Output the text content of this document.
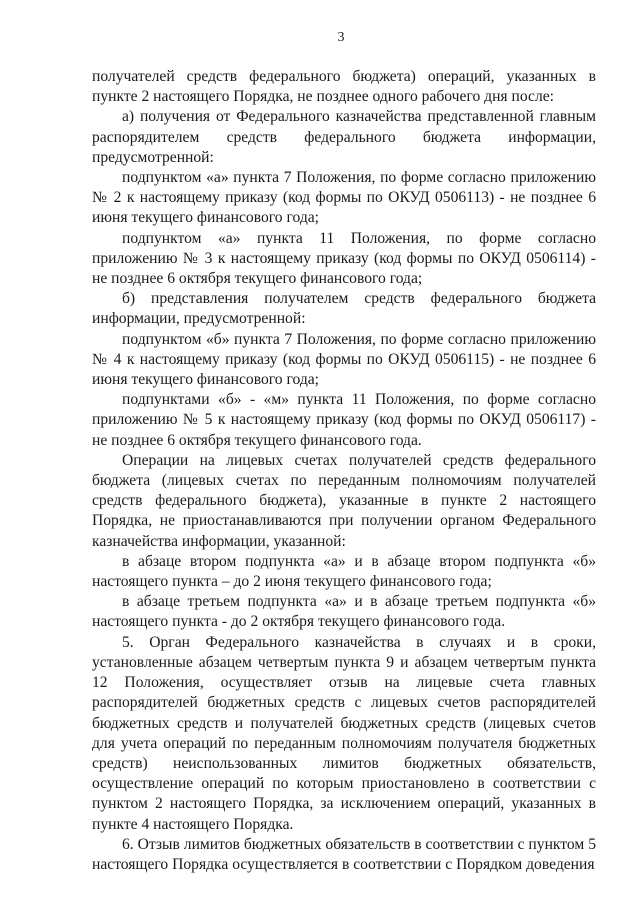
3

получателей средств федерального бюджета) операций, указанных в пункте 2 настоящего Порядка, не позднее одного рабочего дня после:

а) получения от Федерального казначейства представленной главным распорядителем средств федерального бюджета информации, предусмотренной:

подпунктом «а» пункта 7 Положения, по форме согласно приложению № 2 к настоящему приказу (код формы по ОКУД 0506113) - не позднее 6 июня текущего финансового года;

подпунктом «а» пункта 11 Положения, по форме согласно приложению № 3 к настоящему приказу (код формы по ОКУД 0506114) - не позднее 6 октября текущего финансового года;

б) представления получателем средств федерального бюджета информации, предусмотренной:

подпунктом «б» пункта 7 Положения, по форме согласно приложению № 4 к настоящему приказу (код формы по ОКУД 0506115) - не позднее 6 июня текущего финансового года;

подпунктами «б» - «м» пункта 11 Положения, по форме согласно приложению № 5 к настоящему приказу (код формы по ОКУД 0506117) - не позднее 6 октября текущего финансового года.

Операции на лицевых счетах получателей средств федерального бюджета (лицевых счетах по переданным полномочиям получателей средств федерального бюджета), указанные в пункте 2 настоящего Порядка, не приостанавливаются при получении органом Федерального казначейства информации, указанной:

в абзаце втором подпункта «а» и в абзаце втором подпункта «б» настоящего пункта – до 2 июня текущего финансового года;

в абзаце третьем подпункта «а» и в абзаце третьем подпункта «б» настоящего пункта - до 2 октября текущего финансового года.

5. Орган Федерального казначейства в случаях и в сроки, установленные абзацем четвертым пункта 9 и абзацем четвертым пункта 12 Положения, осуществляет отзыв на лицевые счета главных распорядителей бюджетных средств с лицевых счетов распорядителей бюджетных средств и получателей бюджетных средств (лицевых счетов для учета операций по переданным полномочиям получателя бюджетных средств) неиспользованных лимитов бюджетных обязательств, осуществление операций по которым приостановлено в соответствии с пунктом 2 настоящего Порядка, за исключением операций, указанных в пункте 4 настоящего Порядка.

6. Отзыв лимитов бюджетных обязательств в соответствии с пунктом 5 настоящего Порядка осуществляется в соответствии с Порядком доведения
